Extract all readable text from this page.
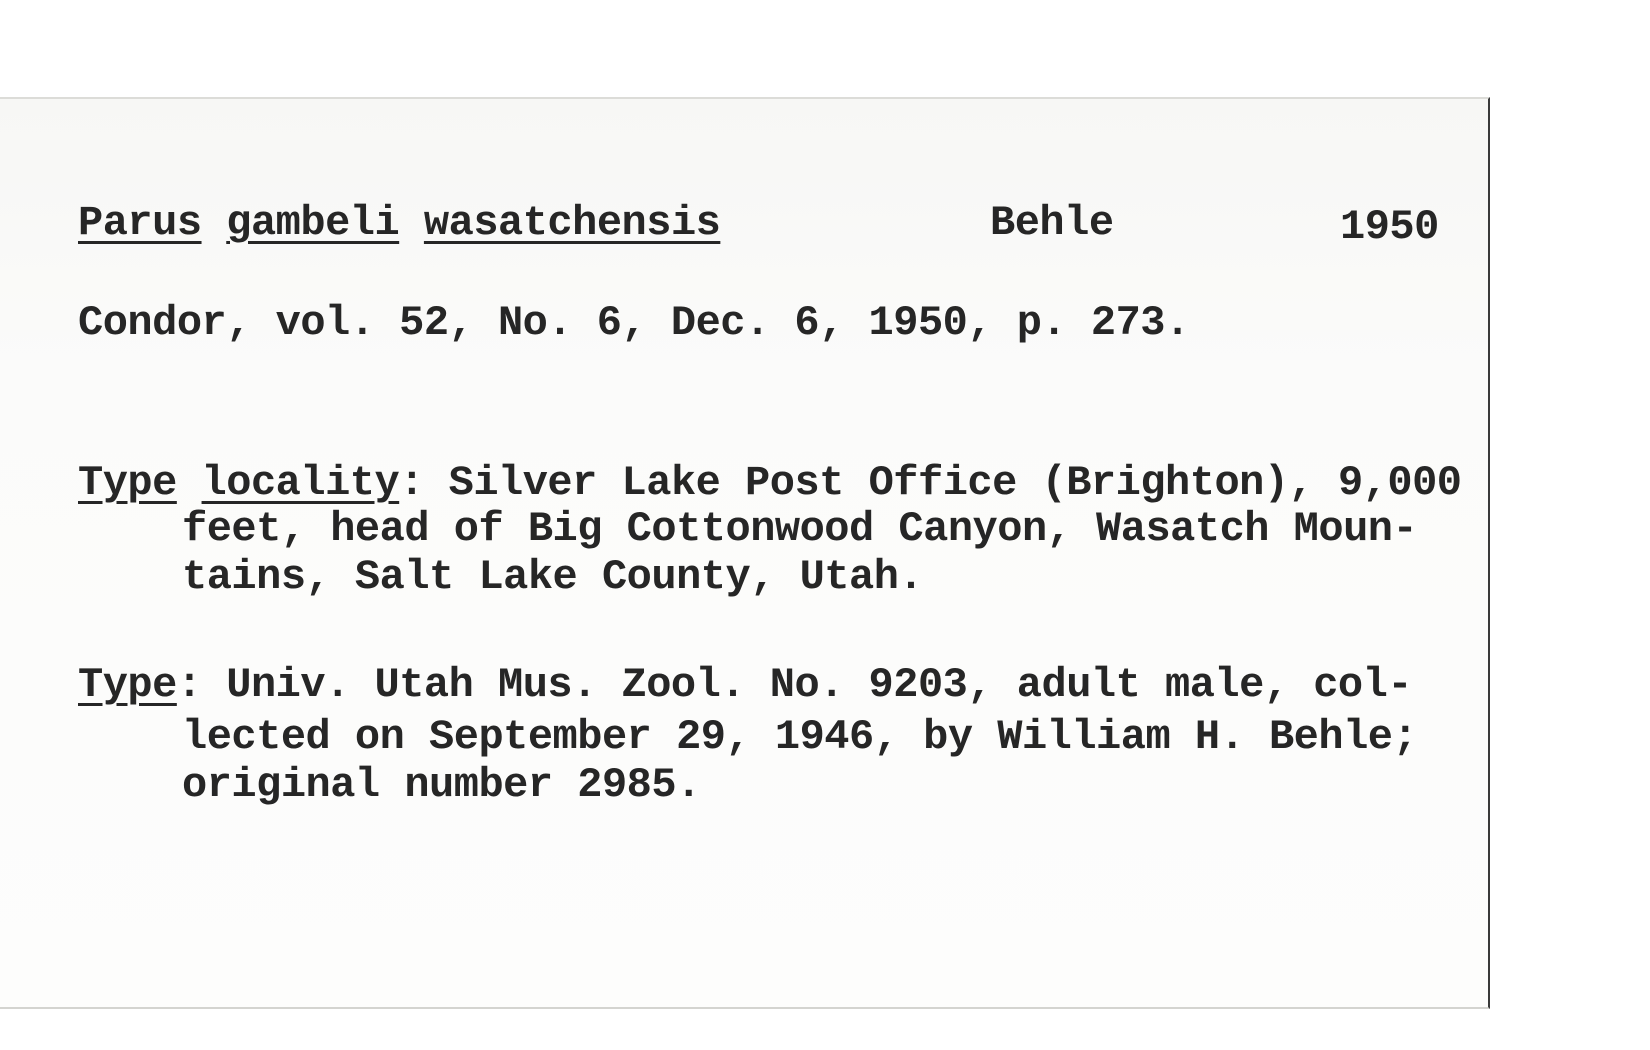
Parus gambeli wasatchensis	Behle	1950
Condor, vol. 52, No. 6, Dec. 6, 1950, p. 273.
Type locality: Silver Lake Post Office (Brighton), 9,000
feet, head of Big Cottonwood Canyon, Wasatch Moun-
tains, Salt Lake County, Utah.
Type: Univ. Utah Mus. Zool. No. 9203, adult male, col-
lected on September 29, 1946, by William H. Behle;
original number 2985.
